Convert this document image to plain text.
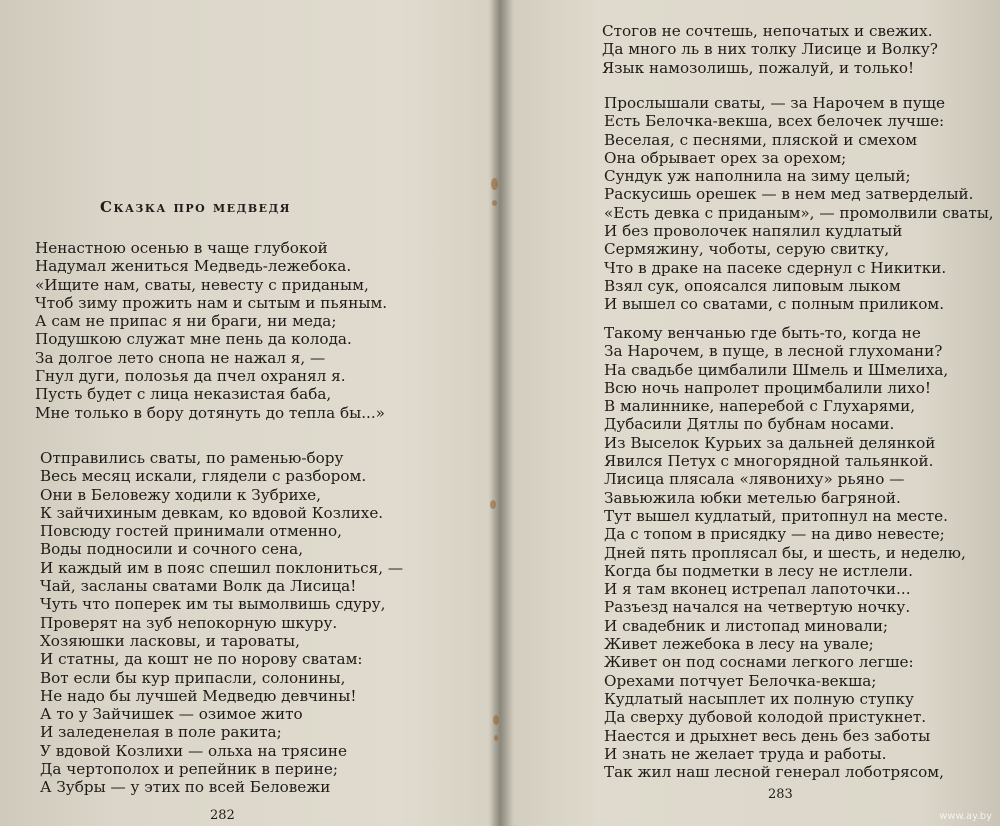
Сказка про медведя
Ненастною осенью в чаще глубокой
Надумал жениться Медведь-лежебока.
«Ищите нам, сваты, невесту с приданым,
Чтоб зиму прожить нам и сытым и пьяным.
А сам не припас я ни браги, ни меда;
Подушкою служат мне пень да колода.
За долгое лето снопа не нажал я, —
Гнул дуги, полозья да пчел охранял я.
Пусть будет с лица неказистая баба,
Мне только в бору дотянуть до тепла бы...»
Отправились сваты, по раменью-бору
Весь месяц искали, глядели с разбором.
Они в Беловежу ходили к Зубрихе,
К зайчихиным девкам, ко вдовой Козлихе.
Повсюду гостей принимали отменно,
Воды подносили и сочного сена,
И каждый им в пояс спешил поклониться, —
Чай, засланы сватами Волк да Лисица!
Чуть что поперек им ты вымолвишь сдуру,
Проверят на зуб непокорную шкуру.
Хозяюшки ласковы, и тароваты,
И статны, да кошт не по норову сватам:
Вот если бы кур припасли, солонины,
Не надо бы лучшей Медведю девчины!
А то у Зайчишек — озимое жито
И заледенелая в поле ракита;
У вдовой Козлихи — ольха на трясине
Да чертополох и репейник в перине;
А Зубры — у этих по всей Беловежи
282
Стогов не сочтешь, непочатых и свежих.
Да много ль в них толку Лисице и Волку?
Язык намозолишь, пожалуй, и только!
Прослышали сваты, — за Нарочем в пуще
Есть Белочка-векша, всех белочек лучше:
Веселая, с песнями, пляской и смехом
Она обрывает орех за орехом;
Сундук уж наполнила на зиму целый;
Раскусишь орешек — в нем мед затверделый.
«Есть девка с приданым», — промолвили сваты,
И без проволочек напялил кудлатый
Сермяжину, чоботы, серую свитку,
Что в драке на пасеке сдернул с Никитки.
Взял сук, опоясался липовым лыком
И вышел со сватами, с полным приликом.
Такому венчанью где быть-то, когда не
За Нарочем, в пуще, в лесной глухомани?
На свадьбе цимбалили Шмель и Шмелиха,
Всю ночь напролет процимбалили лихо!
В малиннике, наперебой с Глухарями,
Дубасили Дятлы по бубнам носами.
Из Выселок Курьих за дальней делянкой
Явился Петух с многорядной тальянкой.
Лисица плясала «лявониху» рьяно —
Завьюжила юбки метелью багряной.
Тут вышел кудлатый, притопнул на месте.
Да с топом в присядку — на диво невесте;
Дней пять проплясал бы, и шесть, и неделю,
Когда бы подметки в лесу не истлели.
И я там вконец истрепал лапоточки...
Разъезд начался на четвертую ночку.
И свадебник и листопад миновали;
Живет лежебока в лесу на увале;
Живет он под соснами легкого легше:
Орехами потчует Белочка-векша;
Кудлатый насыплет их полную ступку
Да сверху дубовой колодой пристукнет.
Наестся и дрыхнет весь день без заботы
И знать не желает труда и работы.
Так жил наш лесной генерал лоботрясом,
283
www.ay.by
